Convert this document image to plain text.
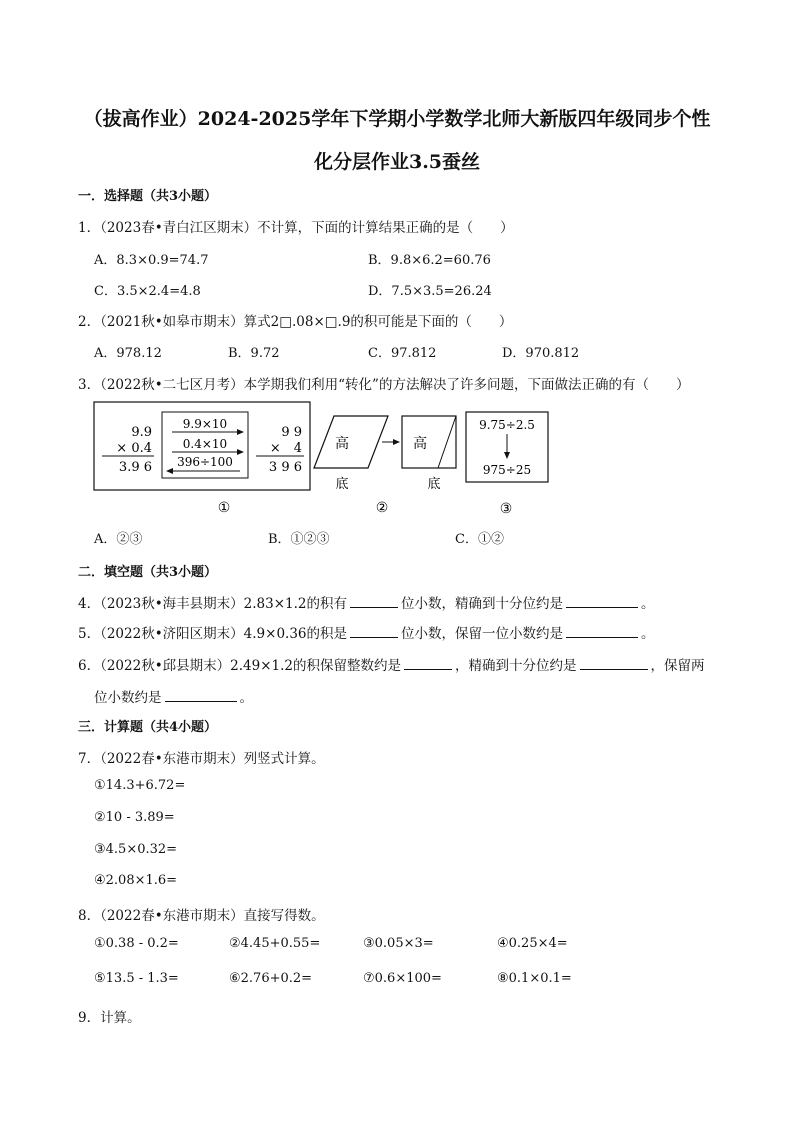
（拔高作业）2024-2025学年下学期小学数学北师大新版四年级同步个性
化分层作业3.5蚕丝
一．选择题（共3小题）
1．（2023春•青白江区期末）不计算，下面的计算结果正确的是（　　）
A．8.3×0.9=74.7	B．9.8×6.2=60.76
C．3.5×2.4=4.8	D．7.5×3.5=26.24
2．（2021秋•如皋市期末）算式2□.08×□.9的积可能是下面的（　　）
A．978.12	B．9.72	C．97.812	D．970.812
3．（2022秋•二七区月考）本学期我们利用“转化”的方法解决了许多问题，下面做法正确的有（　　）
9.9
× 0.4
3.9 6
9.9×10
0.4×10
396÷100
9 9
×　4
3 9 6
高
底
高
底
9.75÷2.5
975÷25
①	②	③
A．②③	B．①②③	C．①②
二．填空题（共3小题）
4．（2023秋•海丰县期末）2.83×1.2的积有	位小数，精确到十分位约是	。
5．（2022秋•济阳区期末）4.9×0.36的积是	位小数，保留一位小数约是	。
6．（2022秋•邱县期末）2.49×1.2的积保留整数约是	，精确到十分位约是	，保留两
位小数约是	。
三．计算题（共4小题）
7．（2022春•东港市期末）列竖式计算。
①14.3+6.72=
②10 - 3.89=
③4.5×0.32=
④2.08×1.6=
8．（2022春•东港市期末）直接写得数。
①0.38 - 0.2=	②4.45+0.55=	③0.05×3=	④0.25×4=
⑤13.5 - 1.3=	⑥2.76+0.2=	⑦0.6×100=	⑧0.1×0.1=
9．计算。
